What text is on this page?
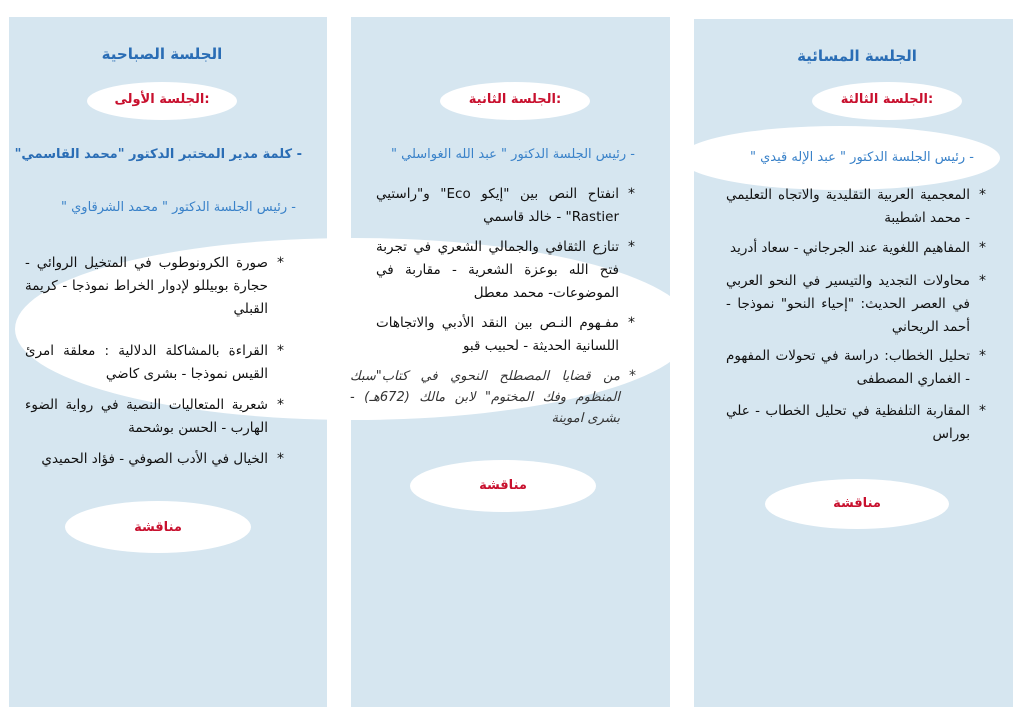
الجلسة الصباحية
الجلسة الأولى:
- كلمة مدير المختبر الدكتور "محمد القاسمي"
- رئيس الجلسة الدكتور " محمد الشرقاوي "
* صورة الكرونوطوب في المتخيل الروائي - حجارة بوبيللو لإدوار الخراط نموذجا - كريمة القبلي
* القراءة بالمشاكلة الدلالية : معلقة امرئ القيس نموذجا - بشرى كاضي
* شعرية المتعاليات النصية في رواية الضوء الهارب - الحسن بوشحمة
* الخيال في الأدب الصوفي - فؤاد الحميدي
مناقشة
الجلسة الثانية:
- رئيس الجلسة الدكتور " عبد الله الغواسلي "
* انفتاح النص بين "إيكو Eco" و"راستيي Rastier" - خالد قاسمي
* تنازع الثقافي والجمالي الشعري في تجربة فتح الله بوعزة الشعرية - مقاربة في الموضوعات- محمد معطل
* مفـهوم النـص بين النقد الأدبي والاتجاهات اللسانية الحديثة - لحبيب قبو
* من قضايا المصطلح النحوي في كتاب"سبك المنظوم وفك المختوم" لابن مالك (672هـ) - بشرى اموينة
مناقشة
الجلسة المسائية
الجلسة الثالثة:
- رئيس الجلسة الدكتور " عبد الإله قيدي "
* المعجمية العربية التقليدية والاتجاه التعليمي - محمد اشطيبة
* المفاهيم اللغوية عند الجرجاني - سعاد أدريد
* محاولات التجديد والتيسير في النحو العربي في العصر الحديث: "إحياء النحو" نموذجا - أحمد الريحاني
* تحليل الخطاب: دراسة في تحولات المفهوم - الغماري المصطفى
* المقاربة التلفظية في تحليل الخطاب - علي بوراس
مناقشة
